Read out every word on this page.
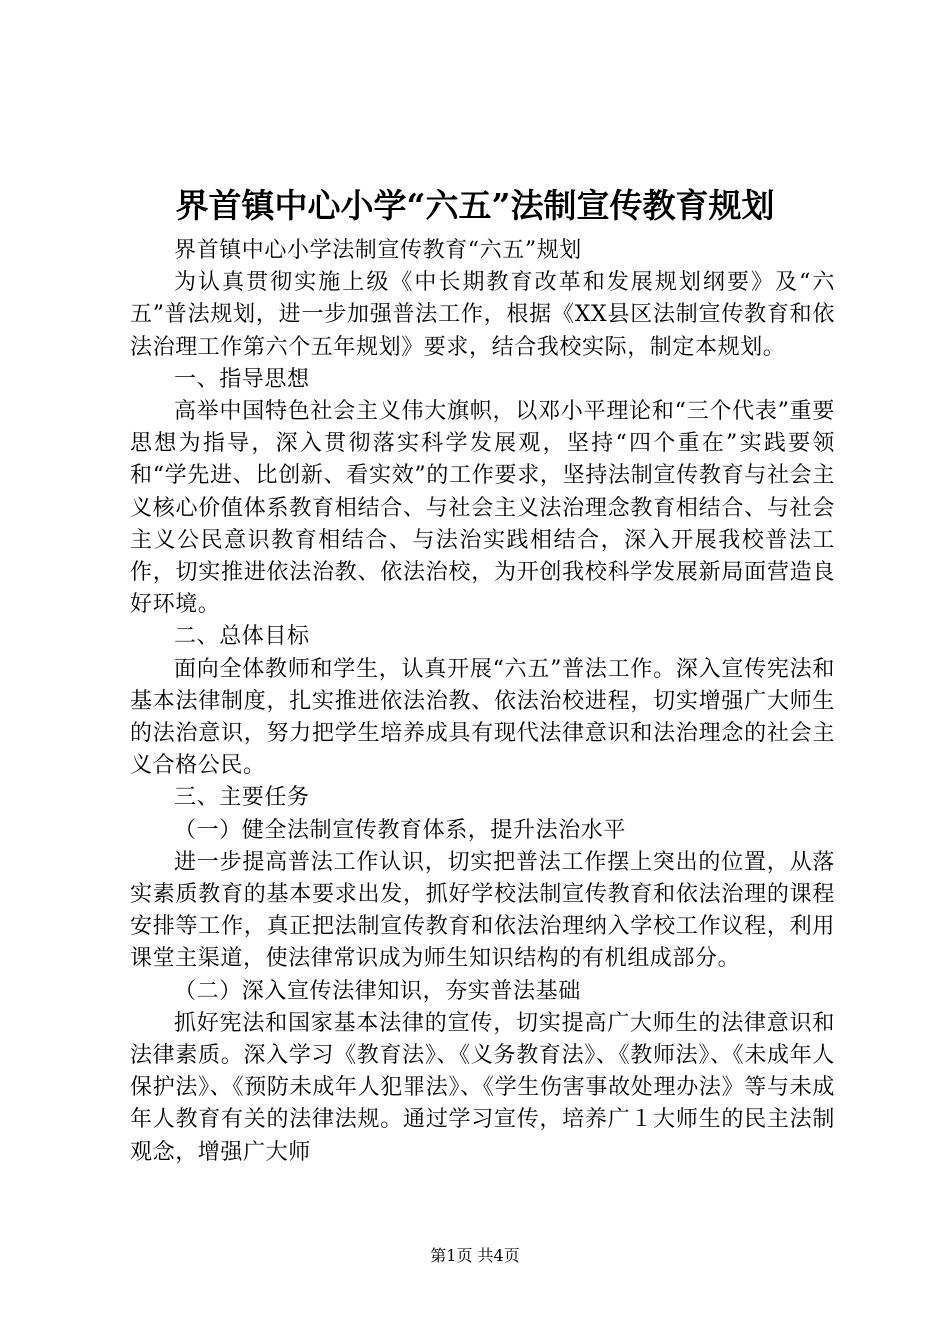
界首镇中心小学“六五”法制宣传教育规划

界首镇中心小学法制宣传教育“六五”规划

为认真贯彻实施上级《中长期教育改革和发展规划纲要》及“六五”普法规划，进一步加强普法工作，根据《XX县区法制宣传教育和依法治理工作第六个五年规划》要求，结合我校实际，制定本规划。

一、指导思想

高举中国特色社会主义伟大旗帜，以邓小平理论和“三个代表”重要思想为指导，深入贯彻落实科学发展观，坚持“四个重在”实践要领和“学先进、比创新、看实效”的工作要求，坚持法制宣传教育与社会主义核心价值体系教育相结合、与社会主义法治理念教育相结合、与社会主义公民意识教育相结合、与法治实践相结合，深入开展我校普法工作，切实推进依法治教、依法治校，为开创我校科学发展新局面营造良好环境。

二、总体目标

面向全体教师和学生，认真开展“六五”普法工作。深入宣传宪法和基本法律制度，扎实推进依法治教、依法治校进程，切实增强广大师生的法治意识，努力把学生培养成具有现代法律意识和法治理念的社会主义合格公民。

三、主要任务

（一）健全法制宣传教育体系，提升法治水平

进一步提高普法工作认识，切实把普法工作摆上突出的位置，从落实素质教育的基本要求出发，抓好学校法制宣传教育和依法治理的课程安排等工作，真正把法制宣传教育和依法治理纳入学校工作议程，利用课堂主渠道，使法律常识成为师生知识结构的有机组成部分。

（二）深入宣传法律知识，夯实普法基础

抓好宪法和国家基本法律的宣传，切实提高广大师生的法律意识和法律素质。深入学习《教育法》、《义务教育法》、《教师法》、《未成年人保护法》、《预防未成年人犯罪法》、《学生伤害事故处理办法》等与未成年人教育有关的法律法规。通过学习宣传，培养广１大师生的民主法制观念，增强广大师

第1页 共4页
